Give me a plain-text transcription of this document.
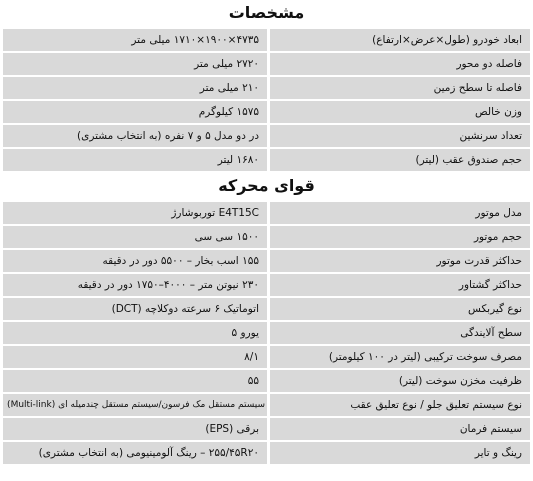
مشخصات
ابعاد خودرو (طول×عرض×ارتفاع)
۴۷۳۵×۱۹۰۰×۱۷۱۰ میلی متر
فاصله دو محور
۲۷۲۰ میلی متر
فاصله تا سطح زمین
۲۱۰ میلی متر
وزن خالص
۱۵۷۵ کیلوگرم
تعداد سرنشین
در دو مدل ۵ و ۷ نفره (به انتخاب مشتری)
حجم صندوق عقب (لیتر)
۱۶۸۰ لیتر
قوای محرکه
مدل موتور
E4T15C توربوشارژ
حجم موتور
۱۵۰۰ سی سی
حداکثر قدرت موتور
۱۵۵ اسب بخار – ۵۵۰۰ دور در دقیقه
حداکثر گشتاور
۲۳۰ نیوتن متر – ۴۰۰۰–۱۷۵۰ دور در دقیقه
نوع گیربکس
اتوماتیک ۶ سرعته دوکلاچه (DCT)
سطح آلایندگی
یورو ۵
مصرف سوخت ترکیبی (لیتر در ۱۰۰ کیلومتر)
۸/۱
ظرفیت مخزن سوخت (لیتر)
۵۵
نوع سیستم تعلیق جلو / نوع تعلیق عقب
سیستم مستقل مک فرسون/سیستم مستقل چندمیله ای (Multi-link)
سیستم فرمان
برقی (EPS)
رینگ و تایر
۲۵۵/۴۵R۲۰ – رینگ آلومینیومی (به انتخاب مشتری)
